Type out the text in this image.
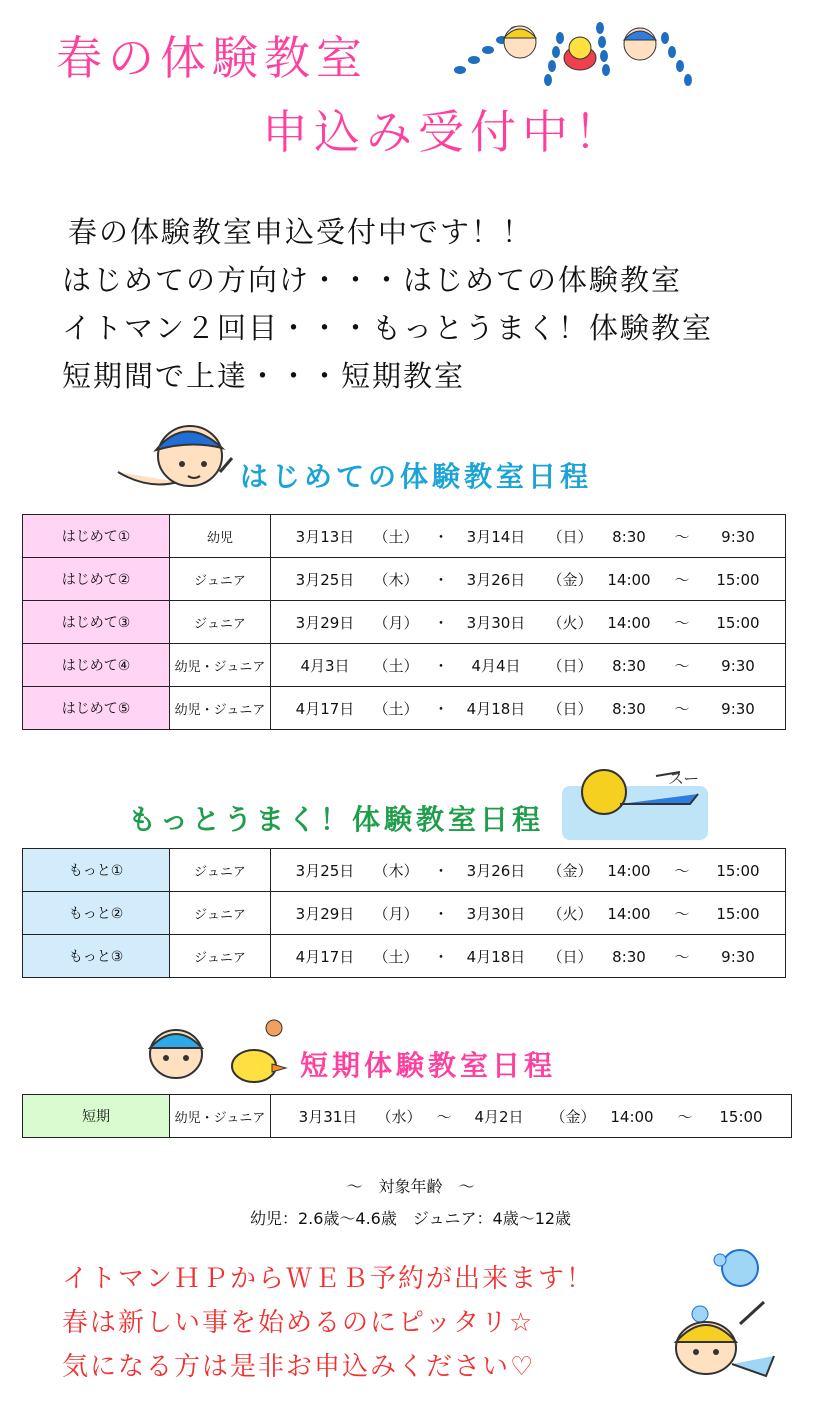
春の体験教室
申込み受付中！
春の体験教室申込受付中です！！
はじめての方向け・・・はじめての体験教室
イトマン２回目・・・もっとうまく！体験教室
短期間で上達・・・短期教室
はじめての体験教室日程
はじめて①	幼児	3月13日 （土） ・ 3月14日 （日） 8:30 ～ 9:30
はじめて②	ジュニア	3月25日 （木） ・ 3月26日 （金） 14:00 ～ 15:00
はじめて③	ジュニア	3月29日 （月） ・ 3月30日 （火） 14:00 ～ 15:00
はじめて④	幼児・ジュニア	4月3日 （土） ・ 4月4日 （日） 8:30 ～ 9:30
はじめて⑤	幼児・ジュニア	4月17日 （土） ・ 4月18日 （日） 8:30 ～ 9:30
もっとうまく！体験教室日程
スー
もっと①	ジュニア	3月25日 （木） ・ 3月26日 （金） 14:00 ～ 15:00
もっと②	ジュニア	3月29日 （月） ・ 3月30日 （火） 14:00 ～ 15:00
もっと③	ジュニア	4月17日 （土） ・ 4月18日 （日） 8:30 ～ 9:30
短期体験教室日程
短期	幼児・ジュニア	3月31日 （水） ～ 4月2日 （金） 14:00 ～ 15:00
～　対象年齢　～
幼児：2.6歳～4.6歳　ジュニア：4歳～12歳
イトマンＨＰからＷＥＢ予約が出来ます！
春は新しい事を始めるのにピッタリ☆
気になる方は是非お申込みください♡
